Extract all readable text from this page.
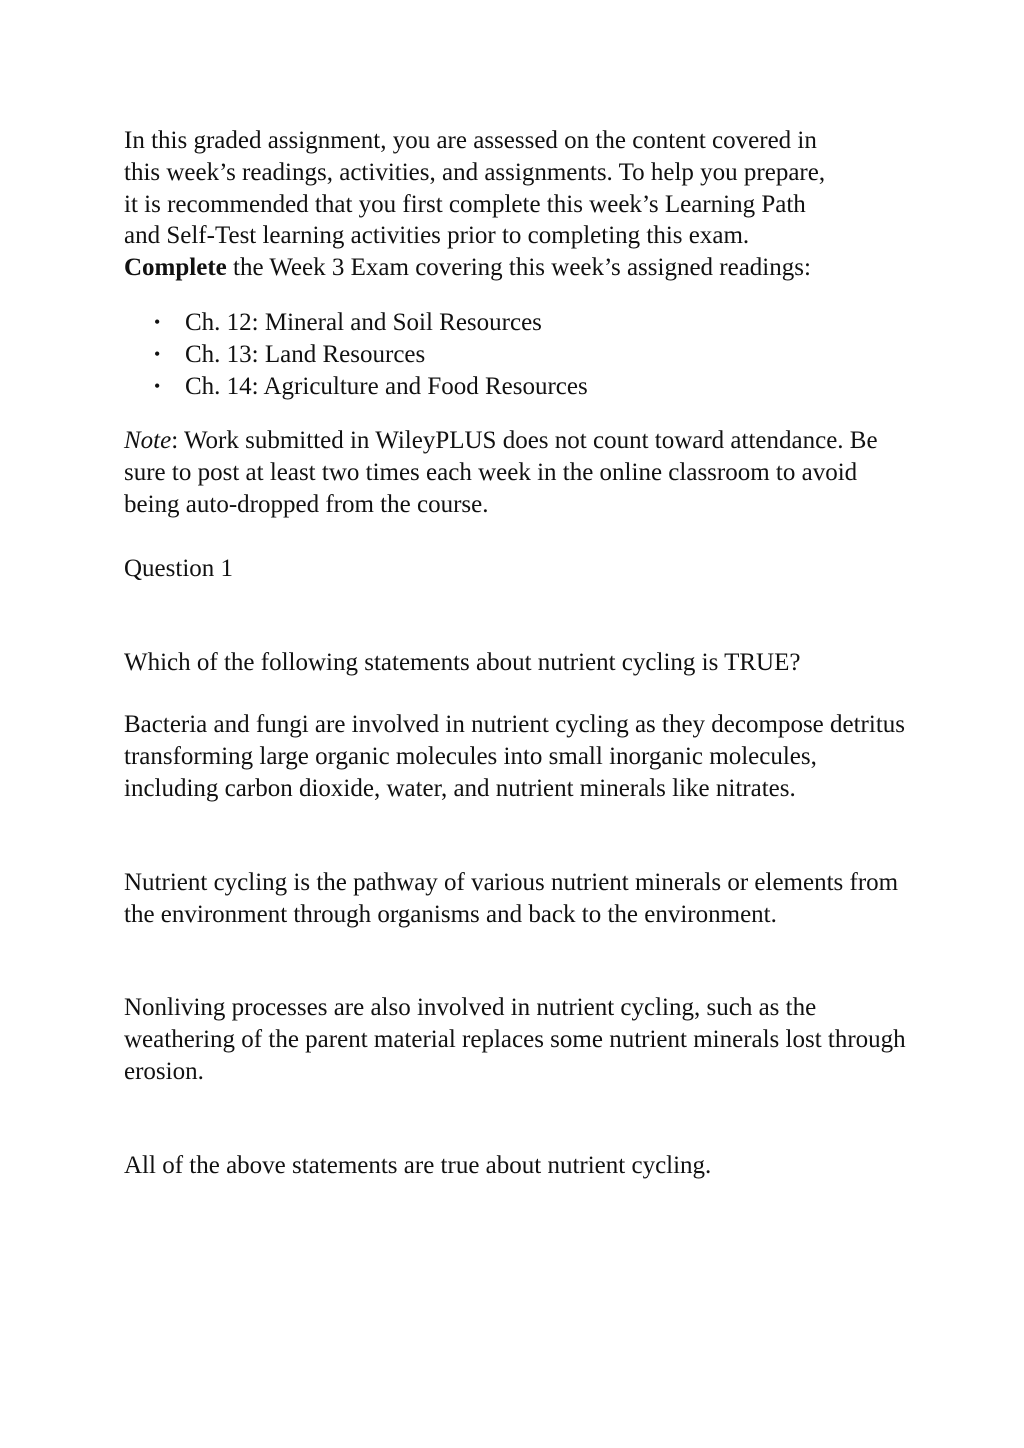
In this graded assignment, you are assessed on the content covered in
this week’s readings, activities, and assignments. To help you prepare,
it is recommended that you first complete this week’s Learning Path
and Self-Test learning activities prior to completing this exam.
Complete the Week 3 Exam covering this week’s assigned readings:

• Ch. 12: Mineral and Soil Resources
• Ch. 13: Land Resources
• Ch. 14: Agriculture and Food Resources

Note: Work submitted in WileyPLUS does not count toward attendance. Be sure to post at least two times each week in the online classroom to avoid being auto-dropped from the course.

Question 1

Which of the following statements about nutrient cycling is TRUE?

Bacteria and fungi are involved in nutrient cycling as they decompose detritus transforming large organic molecules into small inorganic molecules, including carbon dioxide, water, and nutrient minerals like nitrates.

Nutrient cycling is the pathway of various nutrient minerals or elements from the environment through organisms and back to the environment.

Nonliving processes are also involved in nutrient cycling, such as the weathering of the parent material replaces some nutrient minerals lost through erosion.

All of the above statements are true about nutrient cycling.
